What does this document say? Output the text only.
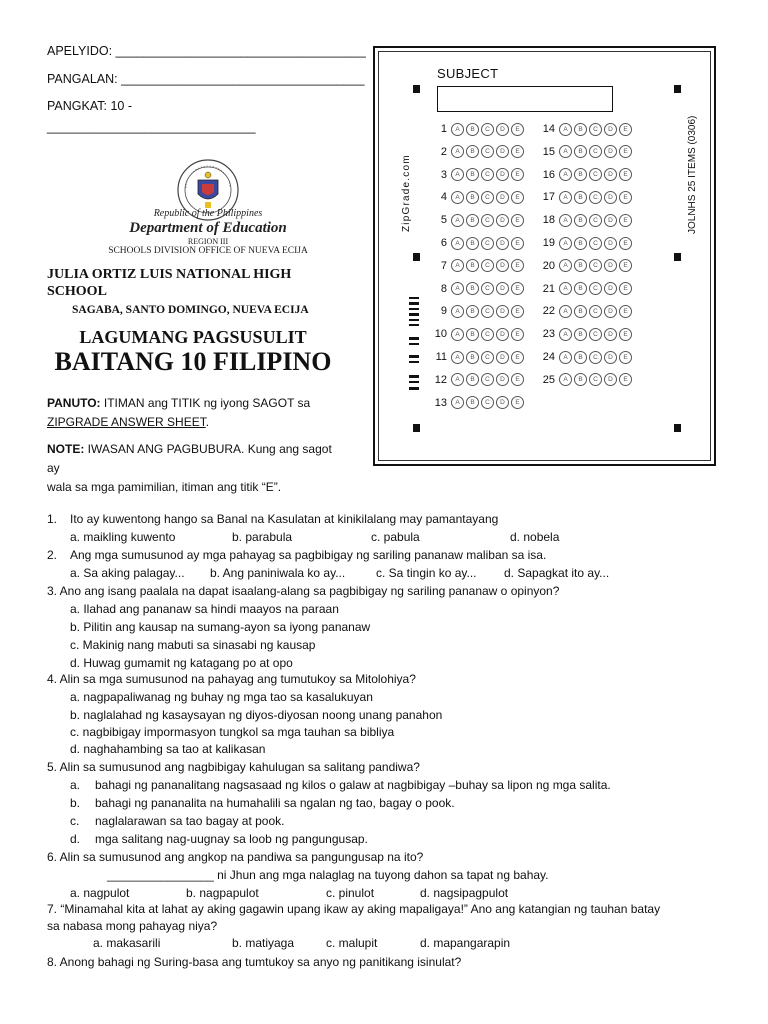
APELYIDO: ____________________________________
PANGALAN: ___________________________________
PANGKAT: 10 -
______________________________
Republic of the Philippines
Department of Education
REGION III
SCHOOLS DIVISION OFFICE OF NUEVA ECIJA
JULIA ORTIZ LUIS NATIONAL HIGH SCHOOL
SAGABA, SANTO DOMINGO, NUEVA ECIJA
LAGUMANG PAGSUSULIT
BAITANG 10 FILIPINO
PANUTO: ITIMAN ang TITIK ng iyong SAGOT sa
ZIPGRADE ANSWER SHEET.
NOTE: IWASAN ANG PAGBUBURA. Kung ang sagot ay
wala sa mga pamimilian, itiman ang titik “E”.
SUBJECT
ZipGrade.com	JOLNHS 25 ITEMS (0306)
1	A	B	C	D	E
2	A	B	C	D	E
3	A	B	C	D	E
4	A	B	C	D	E
5	A	B	C	D	E
6	A	B	C	D	E
7	A	B	C	D	E
8	A	B	C	D	E
9	A	B	C	D	E
10	A	B	C	D	E
11	A	B	C	D	E
12	A	B	C	D	E
13	A	B	C	D	E
14	A	B	C	D	E
15	A	B	C	D	E
16	A	B	C	D	E
17	A	B	C	D	E
18	A	B	C	D	E
19	A	B	C	D	E
20	A	B	C	D	E
21	A	B	C	D	E
22	A	B	C	D	E
23	A	B	C	D	E
24	A	B	C	D	E
25	A	B	C	D	E
1. Ito ay kuwentong hango sa Banal na Kasulatan at kinikilalang may pamantayang
a. maikling kuwento	b. parabula	c. pabula	d. nobela
2. Ang mga sumusunod ay mga pahayag sa pagbibigay ng sariling pananaw maliban sa isa.
a. Sa aking palagay... b. Ang paniniwala ko ay...	c. Sa tingin ko ay... d. Sapagkat ito ay...
3. Ano ang isang paalala na dapat isaalang-alang sa pagbibigay ng sariling pananaw o opinyon?
a. Ilahad ang pananaw sa hindi maayos na paraan
b. Pilitin ang kausap na sumang-ayon sa iyong pananaw
c. Makinig nang mabuti sa sinasabi ng kausap
d. Huwag gumamit ng katagang po at opo
4. Alin sa mga sumusunod na pahayag ang tumutukoy sa Mitolohiya?
a. nagpapaliwanag ng buhay ng mga tao sa kasalukuyan
b. naglalahad ng kasaysayan ng diyos-diyosan noong unang panahon
c. nagbibigay impormasyon tungkol sa mga tauhan sa bibliya
d. naghahambing sa tao at kalikasan
5. Alin sa sumusunod ang nagbibigay kahulugan sa salitang pandiwa?
a. bahagi ng pananalitang nagsasaad ng kilos o galaw at nagbibigay –buhay sa lipon ng mga salita.
b. bahagi ng pananalita na humahalili sa ngalan ng tao, bagay o pook.
c. naglalarawan sa tao bagay at pook.
d. mga salitang nag-uugnay sa loob ng pangungusap.
6. Alin sa sumusunod ang angkop na pandiwa sa pangungusap na ito?
________________ ni Jhun ang mga nalaglag na tuyong dahon sa tapat ng bahay.
a. nagpulot	b. nagpapulot	c. pinulot	d. nagsipagpulot
7. “Minamahal kita at lahat ay aking gagawin upang ikaw ay aking mapaligaya!” Ano ang katangian ng tauhan batay
sa nabasa mong pahayag niya?
a. makasarili	b. matiyaga	c. malupit	d. mapangarapin
8. Anong bahagi ng Suring-basa ang tumtukoy sa anyo ng panitikang isinulat?
